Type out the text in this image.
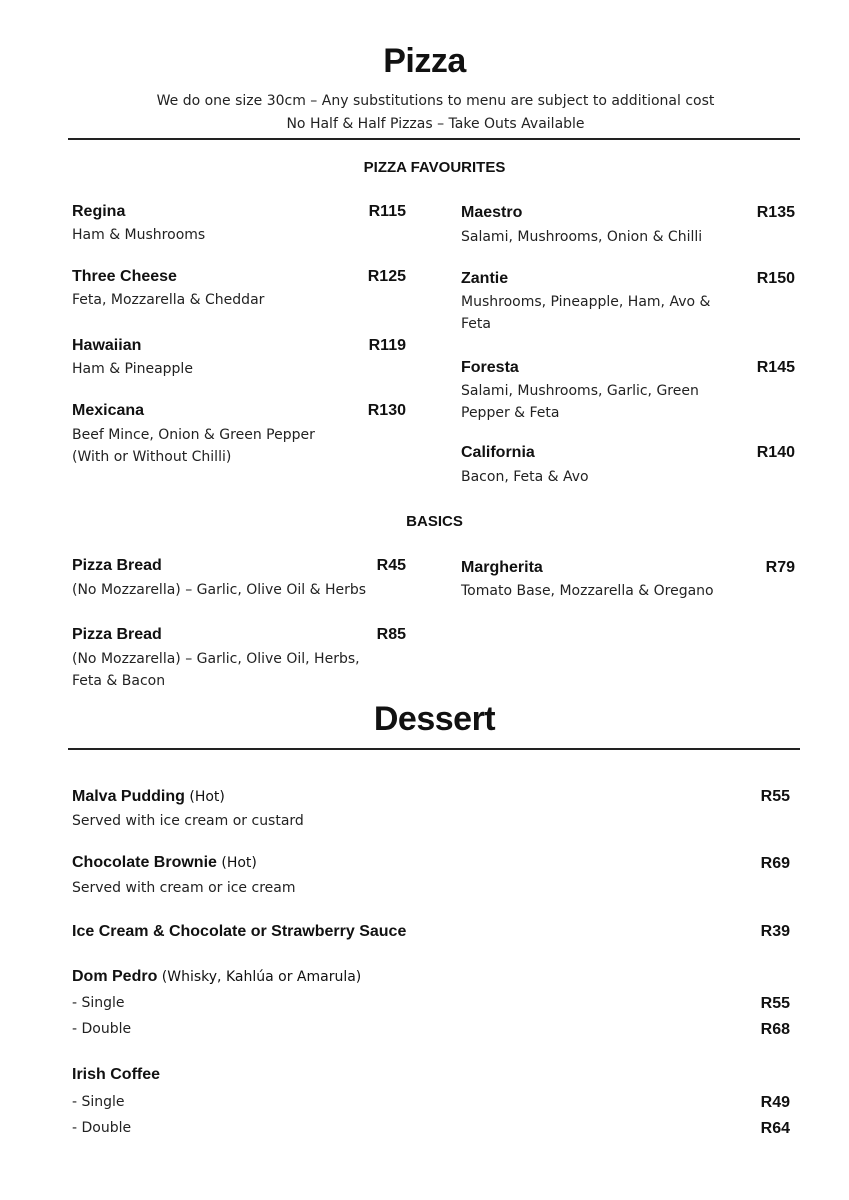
Pizza
We do one size 30cm – Any substitutions to menu are subject to additional cost
No Half & Half Pizzas – Take Outs Available
PIZZA FAVOURITES
Regina	R115
Ham & Mushrooms
Three Cheese	R125
Feta, Mozzarella & Cheddar
Hawaiian	R119
Ham & Pineapple
Mexicana	R130
Beef Mince, Onion & Green Pepper
(With or Without Chilli)
Maestro	R135
Salami, Mushrooms, Onion & Chilli
Zantie	R150
Mushrooms, Pineapple, Ham, Avo &
Feta
Foresta	R145
Salami, Mushrooms, Garlic, Green
Pepper & Feta
California	R140
Bacon, Feta & Avo
BASICS
Pizza Bread	R45
(No Mozzarella) – Garlic, Olive Oil & Herbs
Pizza Bread	R85
(No Mozzarella) – Garlic, Olive Oil, Herbs,
Feta & Bacon
Margherita	R79
Tomato Base, Mozzarella & Oregano
Dessert
Malva Pudding (Hot)	R55
Served with ice cream or custard
Chocolate Brownie (Hot)	R69
Served with cream or ice cream
Ice Cream & Chocolate or Strawberry Sauce	R39
Dom Pedro (Whisky, Kahlúa or Amarula)
- Single	R55
- Double	R68
Irish Coffee
- Single	R49
- Double	R64
